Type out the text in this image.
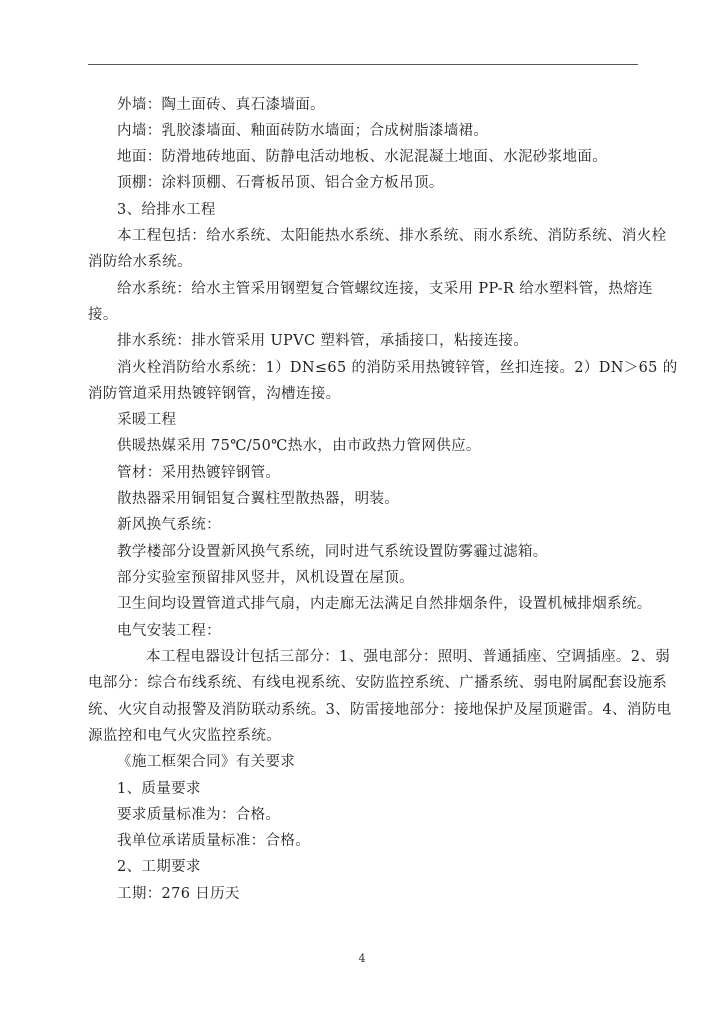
外墙：陶土面砖、真石漆墙面。
内墙：乳胶漆墙面、釉面砖防水墙面；合成树脂漆墙裙。
地面：防滑地砖地面、防静电活动地板、水泥混凝土地面、水泥砂浆地面。
顶棚：涂料顶棚、石膏板吊顶、铝合金方板吊顶。
3、给排水工程
本工程包括：给水系统、太阳能热水系统、排水系统、雨水系统、消防系统、消火栓
消防给水系统。
给水系统：给水主管采用钢塑复合管螺纹连接，支采用 PP-R 给水塑料管，热熔连
接。
排水系统：排水管采用 UPVC 塑料管，承插接口，粘接连接。
消火栓消防给水系统：1）DN≤65 的消防采用热镀锌管，丝扣连接。2）DN＞65 的
消防管道采用热镀锌钢管，沟槽连接。
采暖工程
供暖热媒采用 75℃/50℃热水，由市政热力管网供应。
管材：采用热镀锌钢管。
散热器采用铜铝复合翼柱型散热器，明装。
新风换气系统：
教学楼部分设置新风换气系统，同时进气系统设置防雾霾过滤箱。
部分实验室预留排风竖井，风机设置在屋顶。
卫生间均设置管道式排气扇，内走廊无法满足自然排烟条件，设置机械排烟系统。
电气安装工程：
本工程电器设计包括三部分：1、强电部分：照明、普通插座、空调插座。2、弱
电部分：综合布线系统、有线电视系统、安防监控系统、广播系统、弱电附属配套设施系
统、火灾自动报警及消防联动系统。3、防雷接地部分：接地保护及屋顶避雷。4、消防电
源监控和电气火灾监控系统。
《施工框架合同》有关要求
1、质量要求
要求质量标准为：合格。
我单位承诺质量标准：合格。
2、工期要求
工期：276 日历天
4
